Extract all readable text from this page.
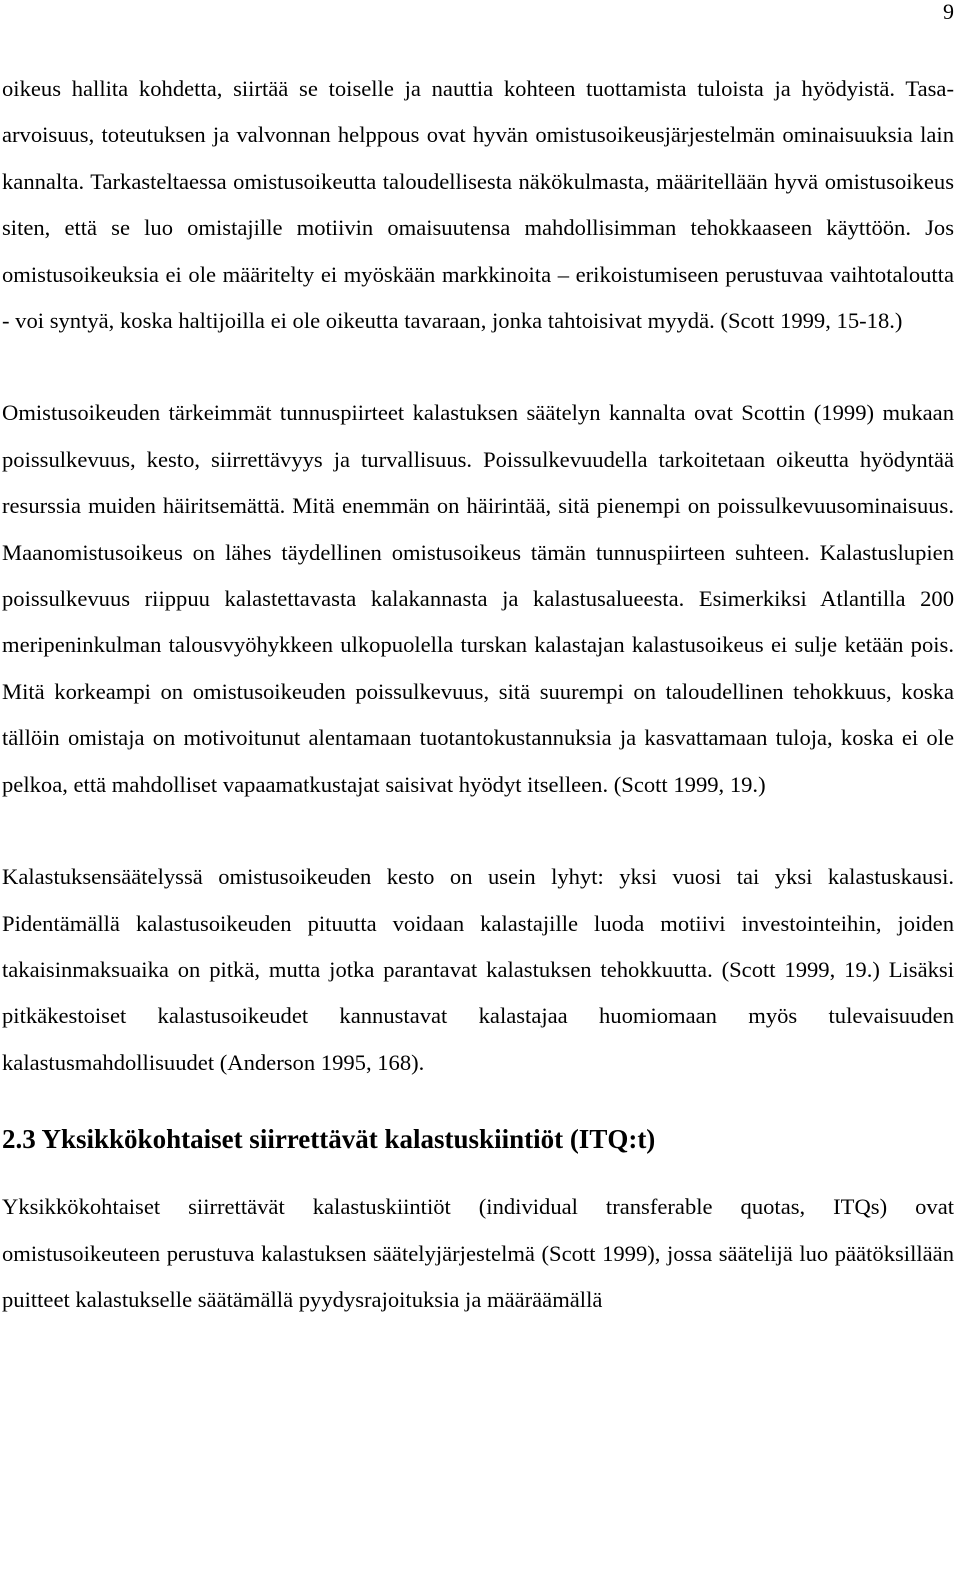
9

oikeus hallita kohdetta, siirtää se toiselle ja nauttia kohteen tuottamista tuloista ja hyödyistä. Tasa-arvoisuus, toteutuksen ja valvonnan helppous ovat hyvän omistusoikeusjärjestelmän ominaisuuksia lain kannalta. Tarkasteltaessa omistusoikeutta taloudellisesta näkökulmasta, määritellään hyvä omistusoikeus siten, että se luo omistajille motiivin omaisuutensa mahdollisimman tehokkaaseen käyttöön. Jos omistusoikeuksia ei ole määritelty ei myöskään markkinoita – erikoistumiseen perustuvaa vaihtotaloutta - voi syntyä, koska haltijoilla ei ole oikeutta tavaraan, jonka tahtoisivat myydä. (Scott 1999, 15-18.)

Omistusoikeuden tärkeimmät tunnuspiirteet kalastuksen säätelyn kannalta ovat Scottin (1999) mukaan poissulkevuus, kesto, siirrettävyys ja turvallisuus. Poissulkevuudella tarkoitetaan oikeutta hyödyntää resurssia muiden häiritsemättä. Mitä enemmän on häirintää, sitä pienempi on poissulkevuusominaisuus. Maanomistusoikeus on lähes täydellinen omistusoikeus tämän tunnuspiirteen suhteen. Kalastuslupien poissulkevuus riippuu kalastettavasta kalakannasta ja kalastusalueesta. Esimerkiksi Atlantilla 200 meripeninkulman talousvyöhykkeen ulkopuolella turskan kalastajan kalastusoikeus ei sulje ketään pois. Mitä korkeampi on omistusoikeuden poissulkevuus, sitä suurempi on taloudellinen tehokkuus, koska tällöin omistaja on motivoitunut alentamaan tuotantokustannuksia ja kasvattamaan tuloja, koska ei ole pelkoa, että mahdolliset vapaamatkustajat saisivat hyödyt itselleen. (Scott 1999, 19.)

Kalastuksensäätelyssä omistusoikeuden kesto on usein lyhyt: yksi vuosi tai yksi kalastuskausi. Pidentämällä kalastusoikeuden pituutta voidaan kalastajille luoda motiivi investointeihin, joiden takaisinmaksuaika on pitkä, mutta jotka parantavat kalastuksen tehokkuutta. (Scott 1999, 19.) Lisäksi pitkäkestoiset kalastusoikeudet kannustavat kalastajaa huomiomaan myös tulevaisuuden kalastusmahdollisuudet (Anderson 1995, 168).

2.3 Yksikkökohtaiset siirrettävät kalastuskiintiöt (ITQ:t)

Yksikkökohtaiset siirrettävät kalastuskiintiöt (individual transferable quotas, ITQs) ovat omistusoikeuteen perustuva kalastuksen säätelyjärjestelmä (Scott 1999), jossa säätelijä luo päätöksillään puitteet kalastukselle säätämällä pyydysrajoituksia ja määräämällä
